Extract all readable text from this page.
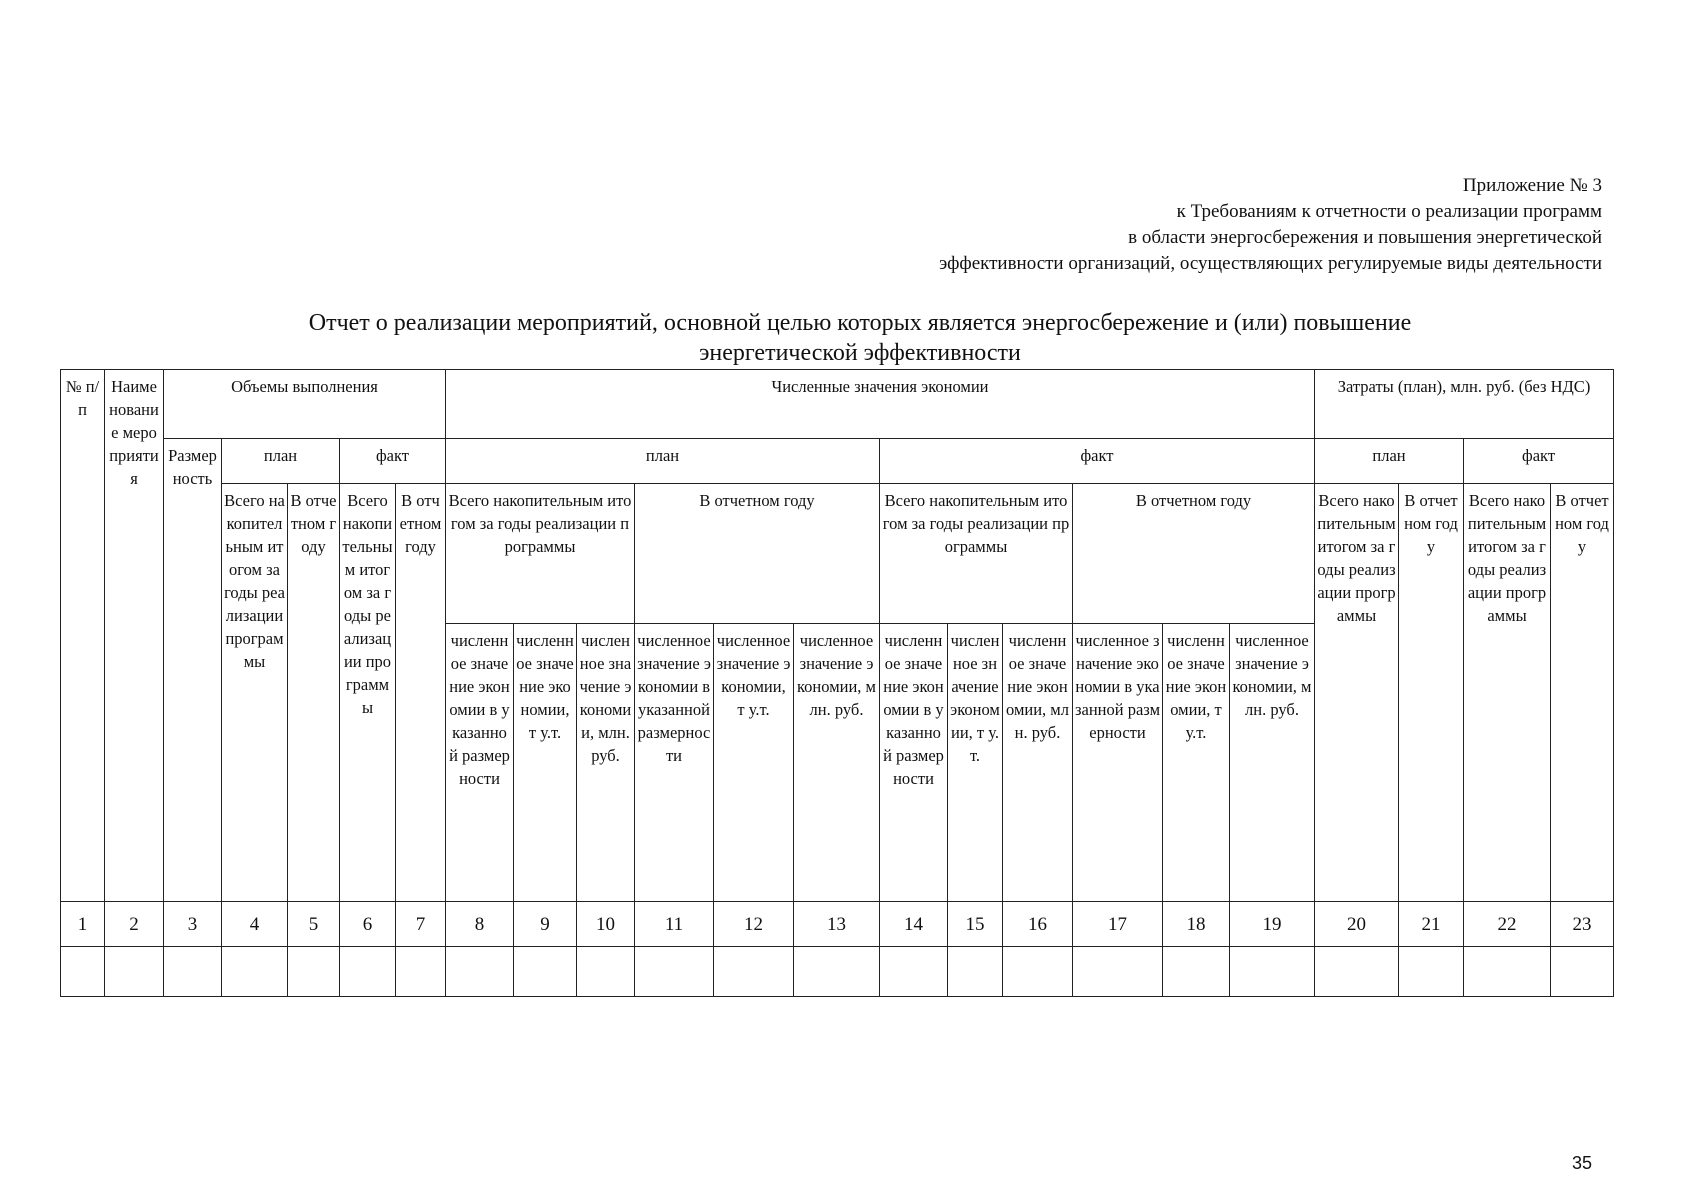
Приложение № 3
к Требованиям к отчетности о реализации программ
в области энергосбережения и повышения энергетической
эффективности организаций, осуществляющих регулируемые виды деятельности
Отчет о реализации мероприятий, основной целью которых является энергосбережение и (или) повышение
энергетической эффективности
№ п/п	Наименование мероприятия	Объемы выполнения					Численные значения экономии												Затраты (план), млн. руб. (без НДС)			
		Размерность	план		факт		план						факт						план		факт	
			Всего накопительным итогом за годы реализации программы	В отчетном году	Всего накопительным итогом за годы реализации программы	В отчетном году	Всего накопительным итогом за годы реализации программы			В отчетном году			Всего накопительным итогом за годы реализации программы			В отчетном году			Всего накопительным итогом за годы реализации программы	В отчетном году	Всего накопительным итогом за годы реализации программы	В отчетном году
							численное значение экономии в указанной размерности	численное значение экономии, т у.т.	численное значение экономии, млн. руб.	численное значение экономии в указанной размерности	численное значение экономии, т у.т.	численное значение экономии, млн. руб.	численное значение экономии в указанной размерности	численное значение экономии, т у.т.	численное значение экономии, млн. руб.	численное значение экономии в указанной размерности	численное значение экономии, т у.т.	численное значение экономии, млн. руб.				
1	2	3	4	5	6	7	8	9	10	11	12	13	14	15	16	17	18	19	20	21	22	23

35
